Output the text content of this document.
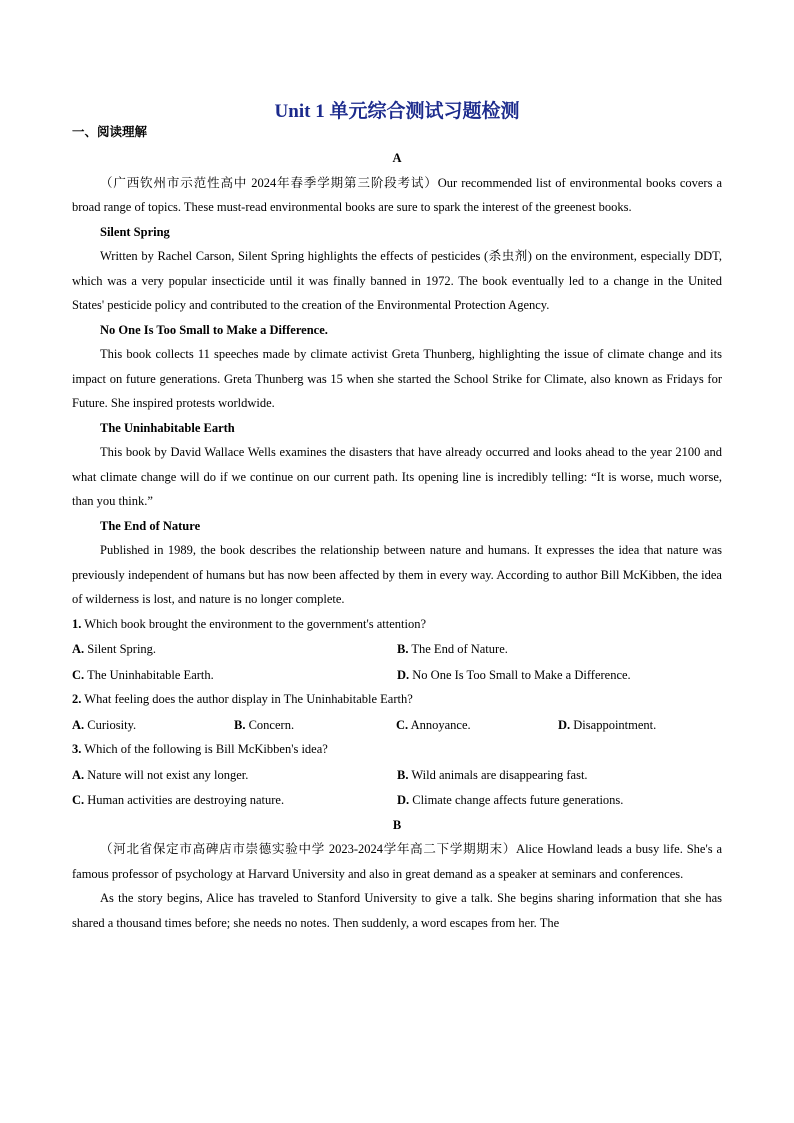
Unit 1 单元综合测试习题检测
一、阅读理解

A

（广西钦州市示范性高中 2024年春季学期第三阶段考试）Our recommended list of environmental books covers a broad range of topics. These must-read environmental books are sure to spark the interest of the greenest books.

Silent Spring

Written by Rachel Carson, Silent Spring highlights the effects of pesticides (杀虫剂) on the environment, especially DDT, which was a very popular insecticide until it was finally banned in 1972. The book eventually led to a change in the United States' pesticide policy and contributed to the creation of the Environmental Protection Agency.

No One Is Too Small to Make a Difference.

This book collects 11 speeches made by climate activist Greta Thunberg, highlighting the issue of climate change and its impact on future generations. Greta Thunberg was 15 when she started the School Strike for Climate, also known as Fridays for Future. She inspired protests worldwide.

The Uninhabitable Earth

This book by David Wallace Wells examines the disasters that have already occurred and looks ahead to the year 2100 and what climate change will do if we continue on our current path. Its opening line is incredibly telling: “It is worse, much worse, than you think.”

The End of Nature

Published in 1989, the book describes the relationship between nature and humans. It expresses the idea that nature was previously independent of humans but has now been affected by them in every way. According to author Bill McKibben, the idea of wilderness is lost, and nature is no longer complete.

1. Which book brought the environment to the government's attention?

A. Silent Spring.	B. The End of Nature.
C. The Uninhabitable Earth.	D. No One Is Too Small to Make a Difference.

2. What feeling does the author display in The Uninhabitable Earth?

A. Curiosity.	B. Concern.	C. Annoyance.	D. Disappointment.

3. Which of the following is Bill McKibben's idea?

A. Nature will not exist any longer.	B. Wild animals are disappearing fast.
C. Human activities are destroying nature.	D. Climate change affects future generations.

B

（河北省保定市高碑店市崇德实验中学 2023-2024学年高二下学期期末）Alice Howland leads a busy life. She's a famous professor of psychology at Harvard University and also in great demand as a speaker at seminars and conferences.

As the story begins, Alice has traveled to Stanford University to give a talk. She begins sharing information that she has shared a thousand times before; she needs no notes. Then suddenly, a word escapes from her. The
